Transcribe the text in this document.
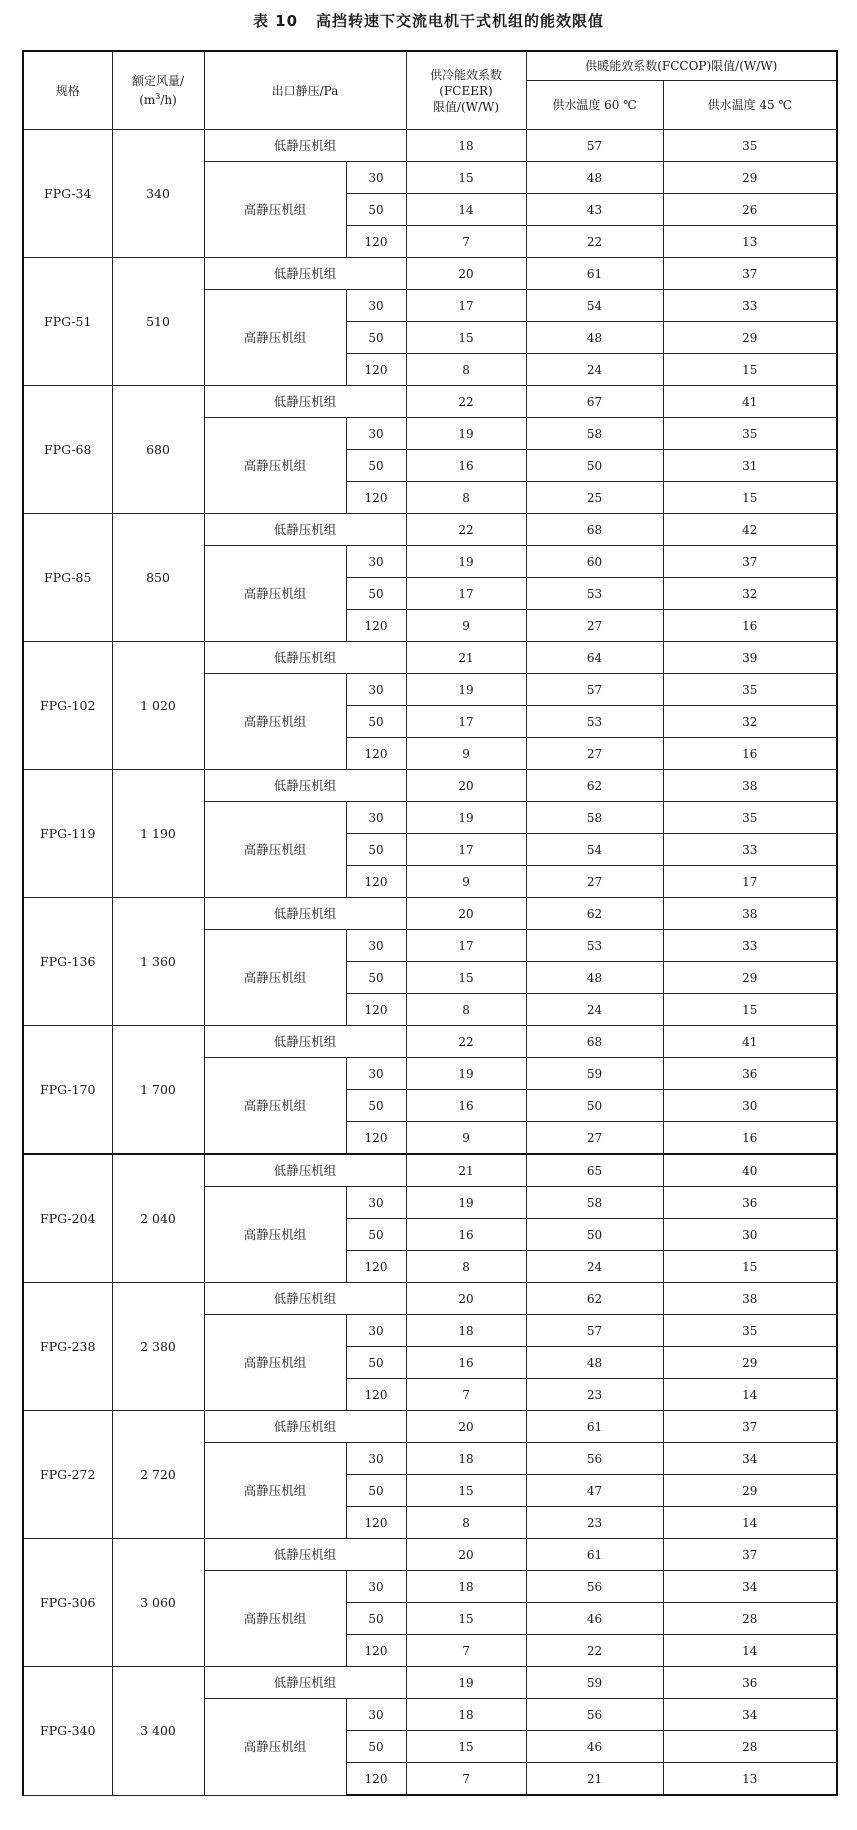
表 10 高挡转速下交流电机干式机组的能效限值
规格	额定风量/
$(m^3/h)$	出口静压/Pa		供冷能效系数
(FCEER)
限值/(W/W)	供暖能效系数(FCCOP)限值/(W/W)	
					供水温度 60 ℃	供水温度 45 ℃
FPG-34	340	低静压机组		18	57	35
		高静压机组	30	15	48	29
			50	14	43	26
			120	7	22	13
FPG-51	510	低静压机组		20	61	37
		高静压机组	30	17	54	33
			50	15	48	29
			120	8	24	15
FPG-68	680	低静压机组		22	67	41
		高静压机组	30	19	58	35
			50	16	50	31
			120	8	25	15
FPG-85	850	低静压机组		22	68	42
		高静压机组	30	19	60	37
			50	17	53	32
			120	9	27	16
FPG-102	1 020	低静压机组		21	64	39
		高静压机组	30	19	57	35
			50	17	53	32
			120	9	27	16
FPG-119	1 190	低静压机组		20	62	38
		高静压机组	30	19	58	35
			50	17	54	33
			120	9	27	17
FPG-136	1 360	低静压机组		20	62	38
		高静压机组	30	17	53	33
			50	15	48	29
			120	8	24	15
FPG-170	1 700	低静压机组		22	68	41
		高静压机组	30	19	59	36
			50	16	50	30
			120	9	27	16
FPG-204	2 040	低静压机组		21	65	40
		高静压机组	30	19	58	36
			50	16	50	30
			120	8	24	15
FPG-238	2 380	低静压机组		20	62	38
		高静压机组	30	18	57	35
			50	16	48	29
			120	7	23	14
FPG-272	2 720	低静压机组		20	61	37
		高静压机组	30	18	56	34
			50	15	47	29
			120	8	23	14
FPG-306	3 060	低静压机组		20	61	37
		高静压机组	30	18	56	34
			50	15	46	28
			120	7	22	14
FPG-340	3 400	低静压机组		19	59	36
		高静压机组	30	18	56	34
			50	15	46	28
			120	7	21	13
